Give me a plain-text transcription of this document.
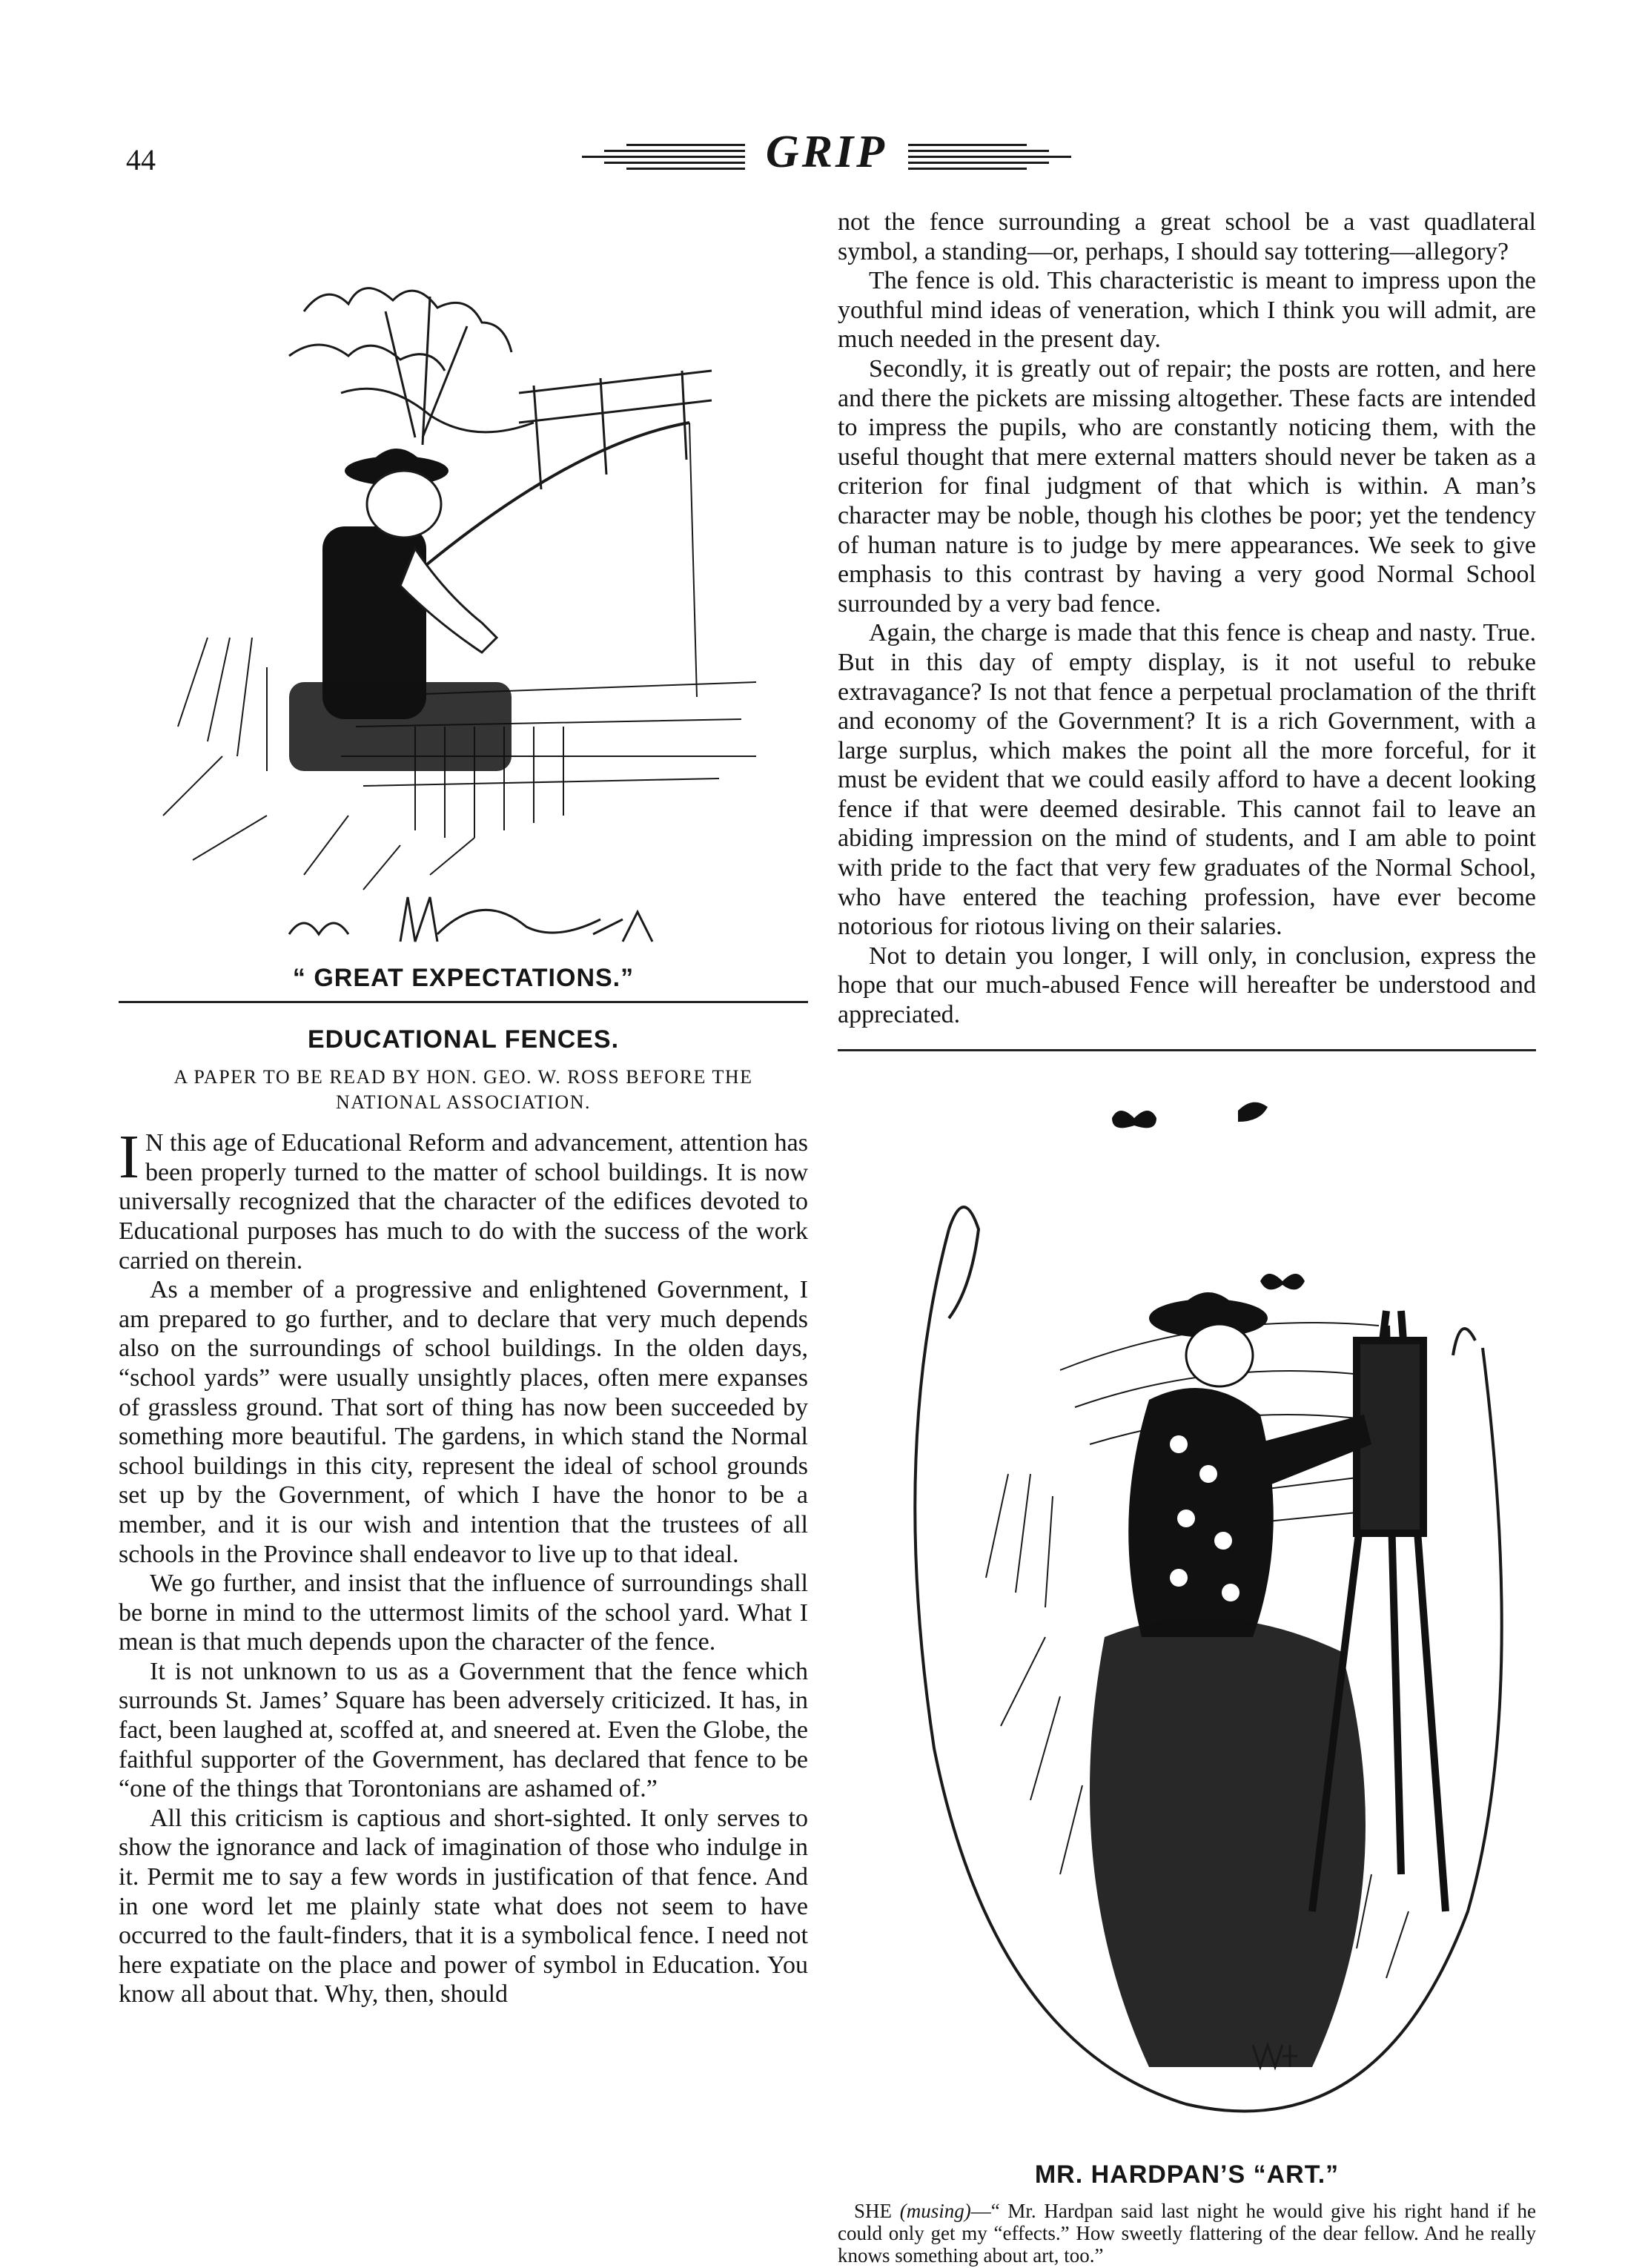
44	GRIP
“ GREAT EXPECTATIONS.”
EDUCATIONAL FENCES.
A PAPER TO BE READ BY HON. GEO. W. ROSS BEFORE THE NATIONAL ASSOCIATION.

I N this age of Educational Reform and advancement, attention has been properly turned to the matter of school buildings. It is now universally recognized that the character of the edifices devoted to Educational purposes has much to do with the success of the work carried on therein.

As a member of a progressive and enlightened Government, I am prepared to go further, and to declare that very much depends also on the surroundings of school buildings. In the olden days, “school yards” were usually unsightly places, often mere expanses of grassless ground. That sort of thing has now been succeeded by something more beautiful. The gardens, in which stand the Normal school buildings in this city, represent the ideal of school grounds set up by the Government, of which I have the honor to be a member, and it is our wish and intention that the trustees of all schools in the Province shall endeavor to live up to that ideal.

We go further, and insist that the influence of surroundings shall be borne in mind to the uttermost limits of the school yard. What I mean is that much depends upon the character of the fence.

It is not unknown to us as a Government that the fence which surrounds St. James’ Square has been adversely criticized. It has, in fact, been laughed at, scoffed at, and sneered at. Even the Globe, the faithful supporter of the Government, has declared that fence to be “one of the things that Torontonians are ashamed of.”

All this criticism is captious and short-sighted. It only serves to show the ignorance and lack of imagination of those who indulge in it. Permit me to say a few words in justification of that fence. And in one word let me plainly state what does not seem to have occurred to the fault-finders, that it is a symbolical fence. I need not here expatiate on the place and power of symbol in Education. You know all about that. Why, then, should

not the fence surrounding a great school be a vast quadlateral symbol, a standing—or, perhaps, I should say tottering—allegory?

The fence is old. This characteristic is meant to impress upon the youthful mind ideas of veneration, which I think you will admit, are much needed in the present day.

Secondly, it is greatly out of repair; the posts are rotten, and here and there the pickets are missing altogether. These facts are intended to impress the pupils, who are constantly noticing them, with the useful thought that mere external matters should never be taken as a criterion for final judgment of that which is within. A man’s character may be noble, though his clothes be poor; yet the tendency of human nature is to judge by mere appearances. We seek to give emphasis to this contrast by having a very good Normal School surrounded by a very bad fence.

Again, the charge is made that this fence is cheap and nasty. True. But in this day of empty display, is it not useful to rebuke extravagance? Is not that fence a perpetual proclamation of the thrift and economy of the Government? It is a rich Government, with a large surplus, which makes the point all the more forceful, for it must be evident that we could easily afford to have a decent looking fence if that were deemed desirable. This cannot fail to leave an abiding impression on the mind of students, and I am able to point with pride to the fact that very few graduates of the Normal School, who have entered the teaching profession, have ever become notorious for riotous living on their salaries.

Not to detain you longer, I will only, in conclusion, express the hope that our much-abused Fence will hereafter be understood and appreciated.

MR. HARDPAN’S “ART.”
SHE (musing)—“ Mr. Hardpan said last night he would give his right hand if he could only get my “effects.” How sweetly flattering of the dear fellow. And he really knows something about art, too.”
